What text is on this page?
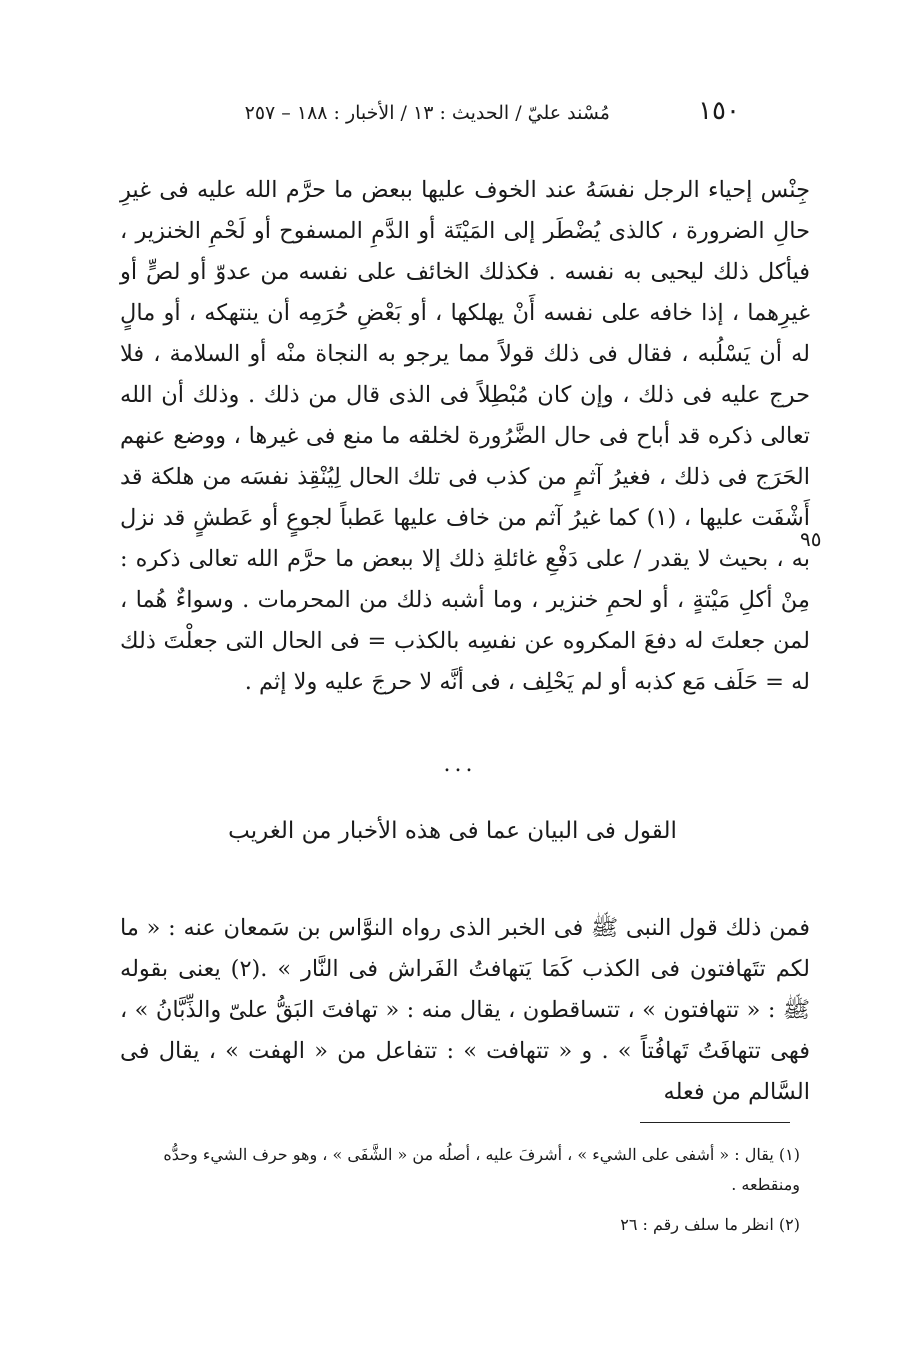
١٥٠
مُسْند عليّ / الحديث : ١٣ / الأخبار : ١٨٨ – ٢٥٧

جِنْس إحياء الرجل نفسَهُ عند الخوف عليها ببعض ما حرَّم الله عليه فى غيرِ حالِ الضرورة ، كالذى يُضْطَر إلى المَيْتَة أو الدَّمِ المسفوح أو لَحْمِ الخنزير ، فيأكل ذلك ليحيى به نفسه . فكذلك الخائف على نفسه من عدوّ أو لصٍّ أو غيرِهما ، إذا خافه على نفسه أَنْ يهلكها ، أو بَعْضِ حُرَمِه أن ينتهكه ، أو مالٍ له أن يَسْلُبه ، فقال فى ذلك قولاً مما يرجو به النجاة منْه أو السلامة ، فلا حرج عليه فى ذلك ، وإن كان مُبْطِلاً فى الذى قال من ذلك . وذلك أن الله تعالى ذكره قد أباح فى حال الضَّرُورة لخلقه ما منع فى غيرها ، ووضع عنهم الحَرَج فى ذلك ، فغيرُ آثمٍ من كذب فى تلك الحال لِيُنْقِذ نفسَه من هلكة قد أَشْفَت عليها ، (١) كما غيرُ آثم من خاف عليها عَطباً لجوعٍ أو عَطشٍ قد نزل به ، بحيث لا يقدر / على دَفْعِ غائلةِ ذلك إلا ببعض ما حرَّم الله تعالى ذكره : مِنْ أكلِ مَيْتةٍ ، أو لحمِ خنزير ، وما أشبه ذلك من المحرمات . وسواءٌ هُما ، لمن جعلتَ له دفعَ المكروه عن نفسِه بالكذب = فى الحال التى جعلْتَ ذلك له = حَلَف مَع كذبه أو لم يَحْلِف ، فى أنَّه لا حرجَ عليه ولا إثم .

٩٥
...
القول فى البيان عما فى هذه الأخبار من الغريب

فمن ذلك قول النبى ﷺ فى الخبر الذى رواه النوَّاس بن سَمعان عنه : « ما لكم تتَهافتون فى الكذب كَمَا يَتهافتُ الفَراش فى النَّار » .(٢) يعنى بقوله ﷺ : « تتهافتون » ، تتساقطون ، يقال منه : « تهافتَ البَقُّ علىّ والذِّبَّانُ » ، فهى تتهافَتُ تَهافُتاً » . و « تتهافت » : تتفاعل من « الهفت » ، يقال فى السَّالم من فعله

(١) يقال : « أشفى على الشيء » ، أشرفَ عليه ، أصلُه من « الشَّفَى » ، وهو حرف الشيء وحدُّه ومنقطعه .

(٢) انظر ما سلف رقم : ٢٦
